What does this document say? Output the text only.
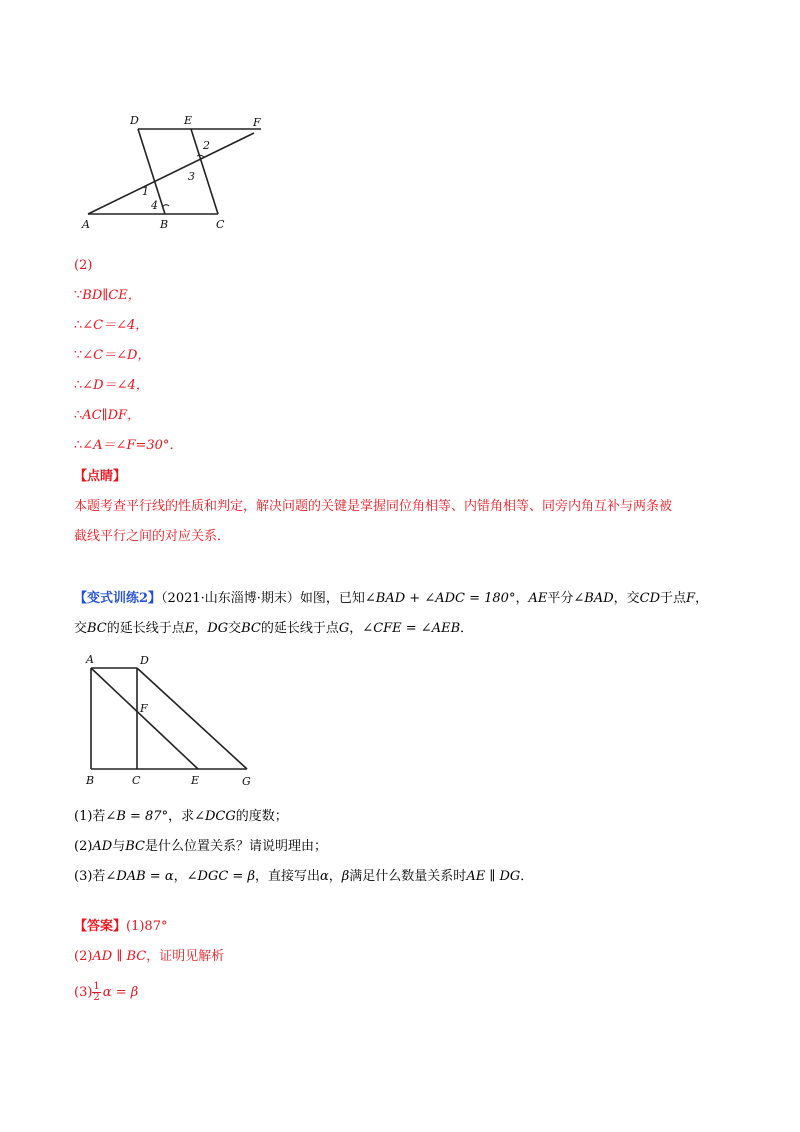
D	E	F
A	B	C
1
2
3
4
(2)
∵BD∥CE，
∴∠C＝∠4，
∵∠C＝∠D，
∴∠D＝∠4，
∴AC∥DF，
∴∠A＝∠F=30°．
【点睛】
本题考查平行线的性质和判定，解决问题的关键是掌握同位角相等、内错角相等、同旁内角互补与两条被
截线平行之间的对应关系．
【变式训练2】（2021·山东淄博·期末）如图，已知∠BAD + ∠ADC = 180°，AE平分∠BAD，交CD于点F，
交BC的延长线于点E，DG交BC的延长线于点G，∠CFE = ∠AEB．
A	D
F
B	C	E	G
(1)若∠B = 87°，求∠DCG的度数；
(2)AD与BC是什么位置关系？请说明理由；
(3)若∠DAB = α，∠DGC = β，直接写出α，β满足什么数量关系时AE ∥ DG．
【答案】(1)87°
(2)AD ∥ BC，证明见解析
$(3) \frac{1}{2}$ α = β
